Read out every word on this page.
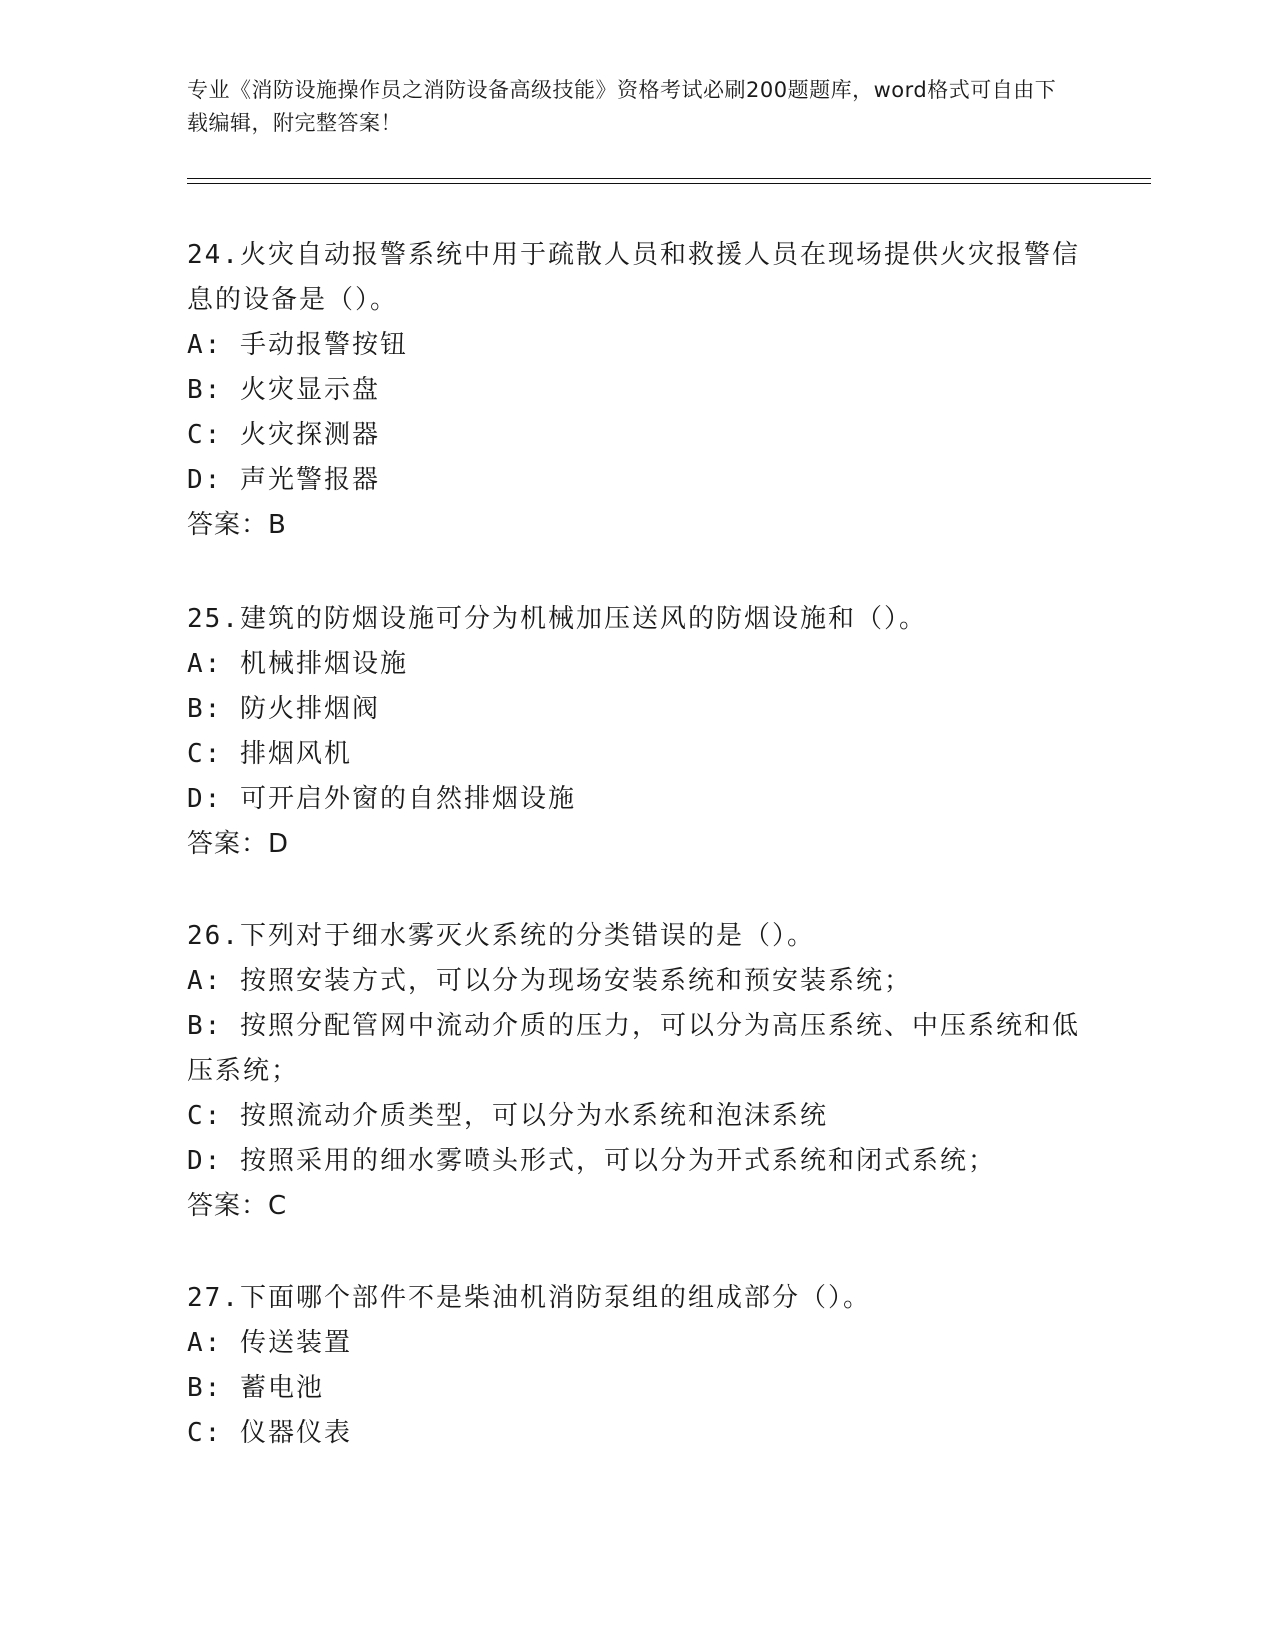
专业《消防设施操作员之消防设备高级技能》资格考试必刷200题题库，word格式可自由下载编辑，附完整答案！

24.火灾自动报警系统中用于疏散人员和救援人员在现场提供火灾报警信息的设备是（）。

A: 手动报警按钮

B: 火灾显示盘

C: 火灾探测器

D: 声光警报器

答案：B

25.建筑的防烟设施可分为机械加压送风的防烟设施和（）。

A: 机械排烟设施

B: 防火排烟阀

C: 排烟风机

D: 可开启外窗的自然排烟设施

答案：D

26.下列对于细水雾灭火系统的分类错误的是（）。

A: 按照安装方式，可以分为现场安装系统和预安装系统；

B: 按照分配管网中流动介质的压力，可以分为高压系统、中压系统和低压系统；

C: 按照流动介质类型，可以分为水系统和泡沫系统

D: 按照采用的细水雾喷头形式，可以分为开式系统和闭式系统；

答案：C

27.下面哪个部件不是柴油机消防泵组的组成部分（）。

A: 传送装置

B: 蓄电池

C: 仪器仪表
